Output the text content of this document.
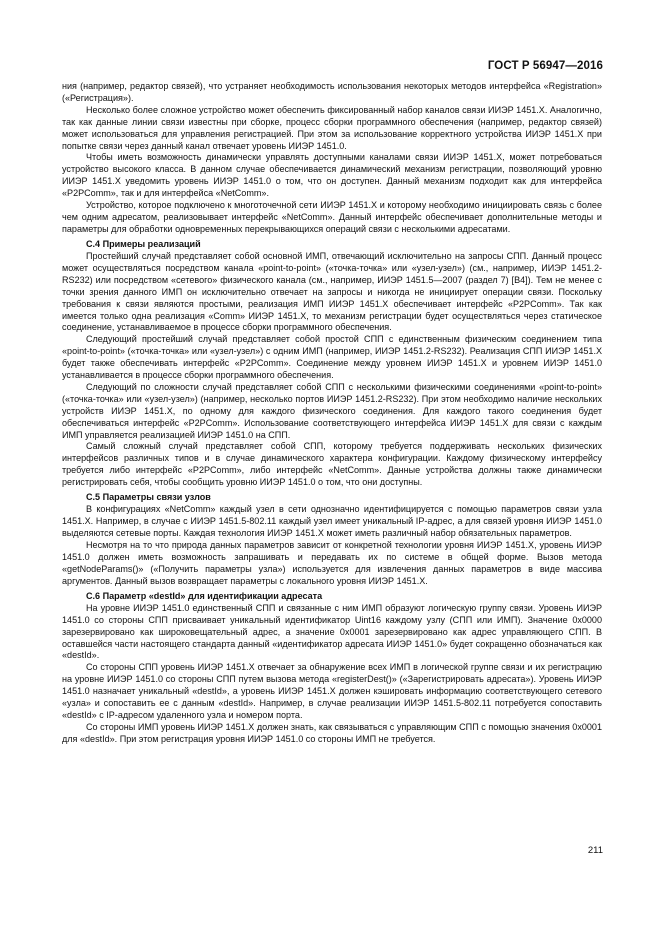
ГОСТ Р 56947—2016

ния (например, редактор связей), что устраняет необходимость использования некоторых методов интерфейса «Registration» («Регистрация»).

Несколько более сложное устройство может обеспечить фиксированный набор каналов связи ИИЭР 1451.X. Аналогично, так как данные линии связи известны при сборке, процесс сборки программного обеспечения (например, редактор связей) может использоваться для управления регистрацией. При этом за использование корректного устройства ИИЭР 1451.X при попытке связи через данный канал отвечает уровень ИИЭР 1451.0.

Чтобы иметь возможность динамически управлять доступными каналами связи ИИЭР 1451.X, может потребоваться устройство высокого класса. В данном случае обеспечивается динамический механизм регистрации, позволяющий уровню ИИЭР 1451.X уведомить уровень ИИЭР 1451.0 о том, что он доступен. Данный механизм подходит как для интерфейса «P2PComm», так и для интерфейса «NetComm».

Устройство, которое подключено к многоточечной сети ИИЭР 1451.X и которому необходимо инициировать связь с более чем одним адресатом, реализовывает интерфейс «NetComm». Данный интерфейс обеспечивает дополнительные методы и параметры для обработки одновременных перекрывающихся операций связи с несколькими адресатами.

С.4 Примеры реализаций

Простейший случай представляет собой основной ИМП, отвечающий исключительно на запросы СПП. Данный процесс может осуществляться посредством канала «point-to-point» («точка-точка» или «узел-узел») (см., например, ИИЭР 1451.2-RS232) или посредством «сетевого» физического канала (см., например, ИИЭР 1451.5—2007 (раздел 7) [B4]). Тем не менее с точки зрения данного ИМП он исключительно отвечает на запросы и никогда не инициирует операции связи. Поскольку требования к связи являются простыми, реализация ИМП ИИЭР 1451.X обеспечивает интерфейс «P2PComm». Так как имеется только одна реализация «Comm» ИИЭР 1451.X, то механизм регистрации будет осуществляться через статическое соединение, устанавливаемое в процессе сборки программного обеспечения.

Следующий простейший случай представляет собой простой СПП с единственным физическим соединением типа «point-to-point» («точка-точка» или «узел-узел») с одним ИМП (например, ИИЭР 1451.2-RS232). Реализация СПП ИИЭР 1451.X будет также обеспечивать интерфейс «P2PComm». Соединение между уровнем ИИЭР 1451.X и уровнем ИИЭР 1451.0 устанавливается в процессе сборки программного обеспечения.

Следующий по сложности случай представляет собой СПП с несколькими физическими соединениями «point-to-point» («точка-точка» или «узел-узел») (например, несколько портов ИИЭР 1451.2-RS232). При этом необходимо наличие нескольких устройств ИИЭР 1451.X, по одному для каждого физического соединения. Для каждого такого соединения будет обеспечиваться интерфейс «P2PComm». Использование соответствующего интерфейса ИИЭР 1451.X для связи с каждым ИМП управляется реализацией ИИЭР 1451.0 на СПП.

Самый сложный случай представляет собой СПП, которому требуется поддерживать нескольких физических интерфейсов различных типов и в случае динамического характера конфигурации. Каждому физическому интерфейсу требуется либо интерфейс «P2PComm», либо интерфейс «NetComm». Данные устройства должны также динамически регистрировать себя, чтобы сообщить уровню ИИЭР 1451.0 о том, что они доступны.

С.5 Параметры связи узлов

В конфигурациях «NetComm» каждый узел в сети однозначно идентифицируется с помощью параметров связи узла 1451.X. Например, в случае с ИИЭР 1451.5-802.11 каждый узел имеет уникальный IP-адрес, а для связей уровня ИИЭР 1451.0 выделяются сетевые порты. Каждая технология ИИЭР 1451.X может иметь различный набор обязательных параметров.

Несмотря на то что природа данных параметров зависит от конкретной технологии уровня ИИЭР 1451.X, уровень ИИЭР 1451.0 должен иметь возможность запрашивать и передавать их по системе в общей форме. Вызов метода «getNodeParams()» («Получить параметры узла») используется для извлечения данных параметров в виде массива аргументов. Данный вызов возвращает параметры с локального уровня ИИЭР 1451.X.

С.6 Параметр «destId» для идентификации адресата

На уровне ИИЭР 1451.0 единственный СПП и связанные с ним ИМП образуют логическую группу связи. Уровень ИИЭР 1451.0 со стороны СПП присваивает уникальный идентификатор Uint16 каждому узлу (СПП или ИМП). Значение 0x0000 зарезервировано как широковещательный адрес, а значение 0x0001 зарезервировано как адрес управляющего СПП. В оставшейся части настоящего стандарта данный «идентификатор адресата ИИЭР 1451.0» будет сокращенно обозначаться как «destId».

Со стороны СПП уровень ИИЭР 1451.X отвечает за обнаружение всех ИМП в логической группе связи и их регистрацию на уровне ИИЭР 1451.0 со стороны СПП путем вызова метода «registerDest()» («Зарегистрировать адресата»). Уровень ИИЭР 1451.0 назначает уникальный «destId», а уровень ИИЭР 1451.X должен кэшировать информацию соответствующего сетевого «узла» и сопоставить ее с данным «destId». Например, в случае реализации ИИЭР 1451.5-802.11 потребуется сопоставить «destId» с IP-адресом удаленного узла и номером порта.

Со стороны ИМП уровень ИИЭР 1451.X должен знать, как связываться с управляющим СПП с помощью значения 0x0001 для «destId». При этом регистрация уровня ИИЭР 1451.0 со стороны ИМП не требуется.

211
